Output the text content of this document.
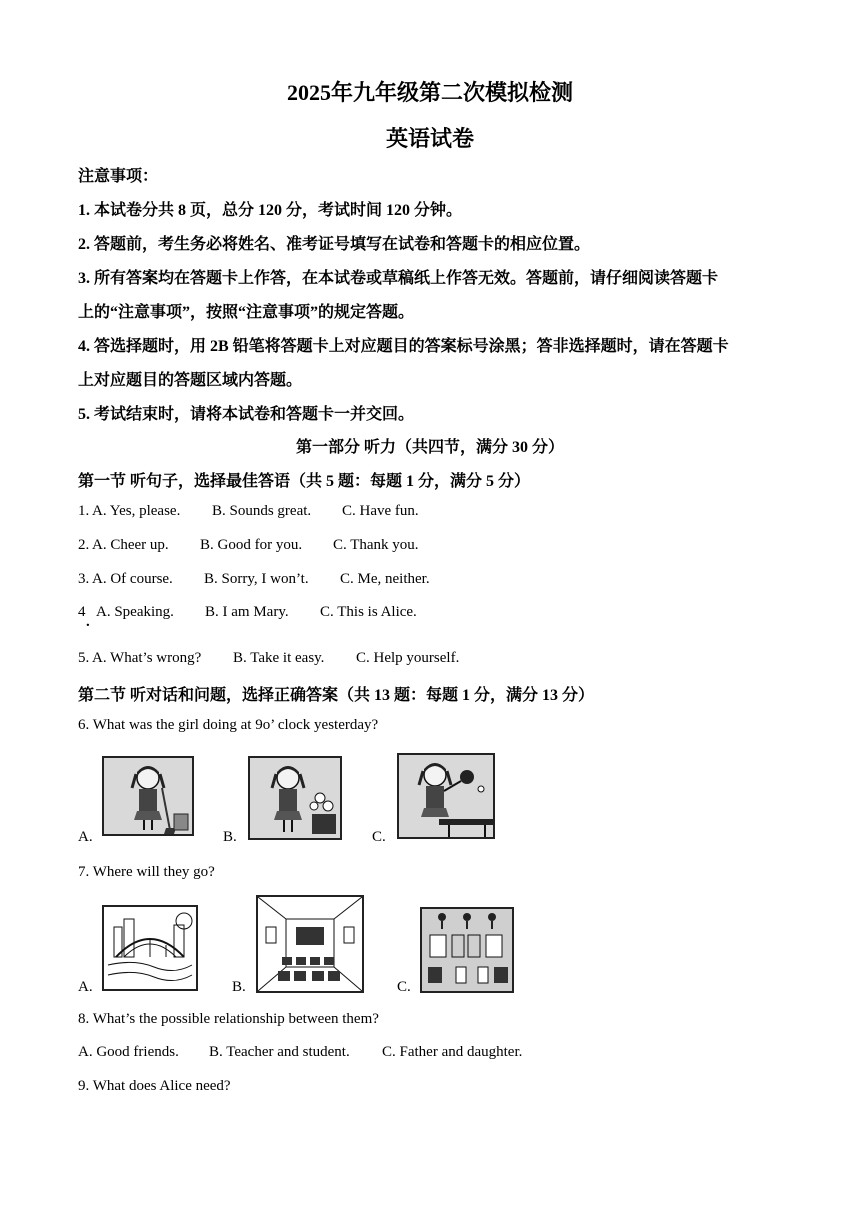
2025年九年级第二次模拟检测
英语试卷
注意事项：
1. 本试卷分共 8 页，总分 120 分，考试时间 120 分钟。
2. 答题前，考生务必将姓名、准考证号填写在试卷和答题卡的相应位置。
3. 所有答案均在答题卡上作答，在本试卷或草稿纸上作答无效。答题前，请仔细阅读答题卡
上的“注意事项”，按照“注意事项”的规定答题。
4. 答选择题时，用 2B 铅笔将答题卡上对应题目的答案标号涂黑；答非选择题时，请在答题卡
上对应题目的答题区域内答题。
5. 考试结束时，请将本试卷和答题卡一并交回。
第一部分 听力（共四节，满分 30 分）
第一节 听句子，选择最佳答语（共 5 题：每题 1 分，满分 5 分）
1. A. Yes, please. B. Sounds great. C. Have fun.
2. A. Cheer up. B. Good for you. C. Thank you.
3. A. Of course. B. Sorry, I won’t. C. Me, neither.
4 A. Speaking. B. I am Mary. C. This is Alice.
.
5. A. What’s wrong? B. Take it easy. C. Help yourself.
第二节 听对话和问题，选择正确答案（共 13 题：每题 1 分，满分 13 分）
6. What was the girl doing at 9o’ clock yesterday?
A.	B.	C.
7. Where will they go?
A.	B.	C.
8. What’s the possible relationship between them?
A. Good friends. B. Teacher and student. C. Father and daughter.
9. What does Alice need?
